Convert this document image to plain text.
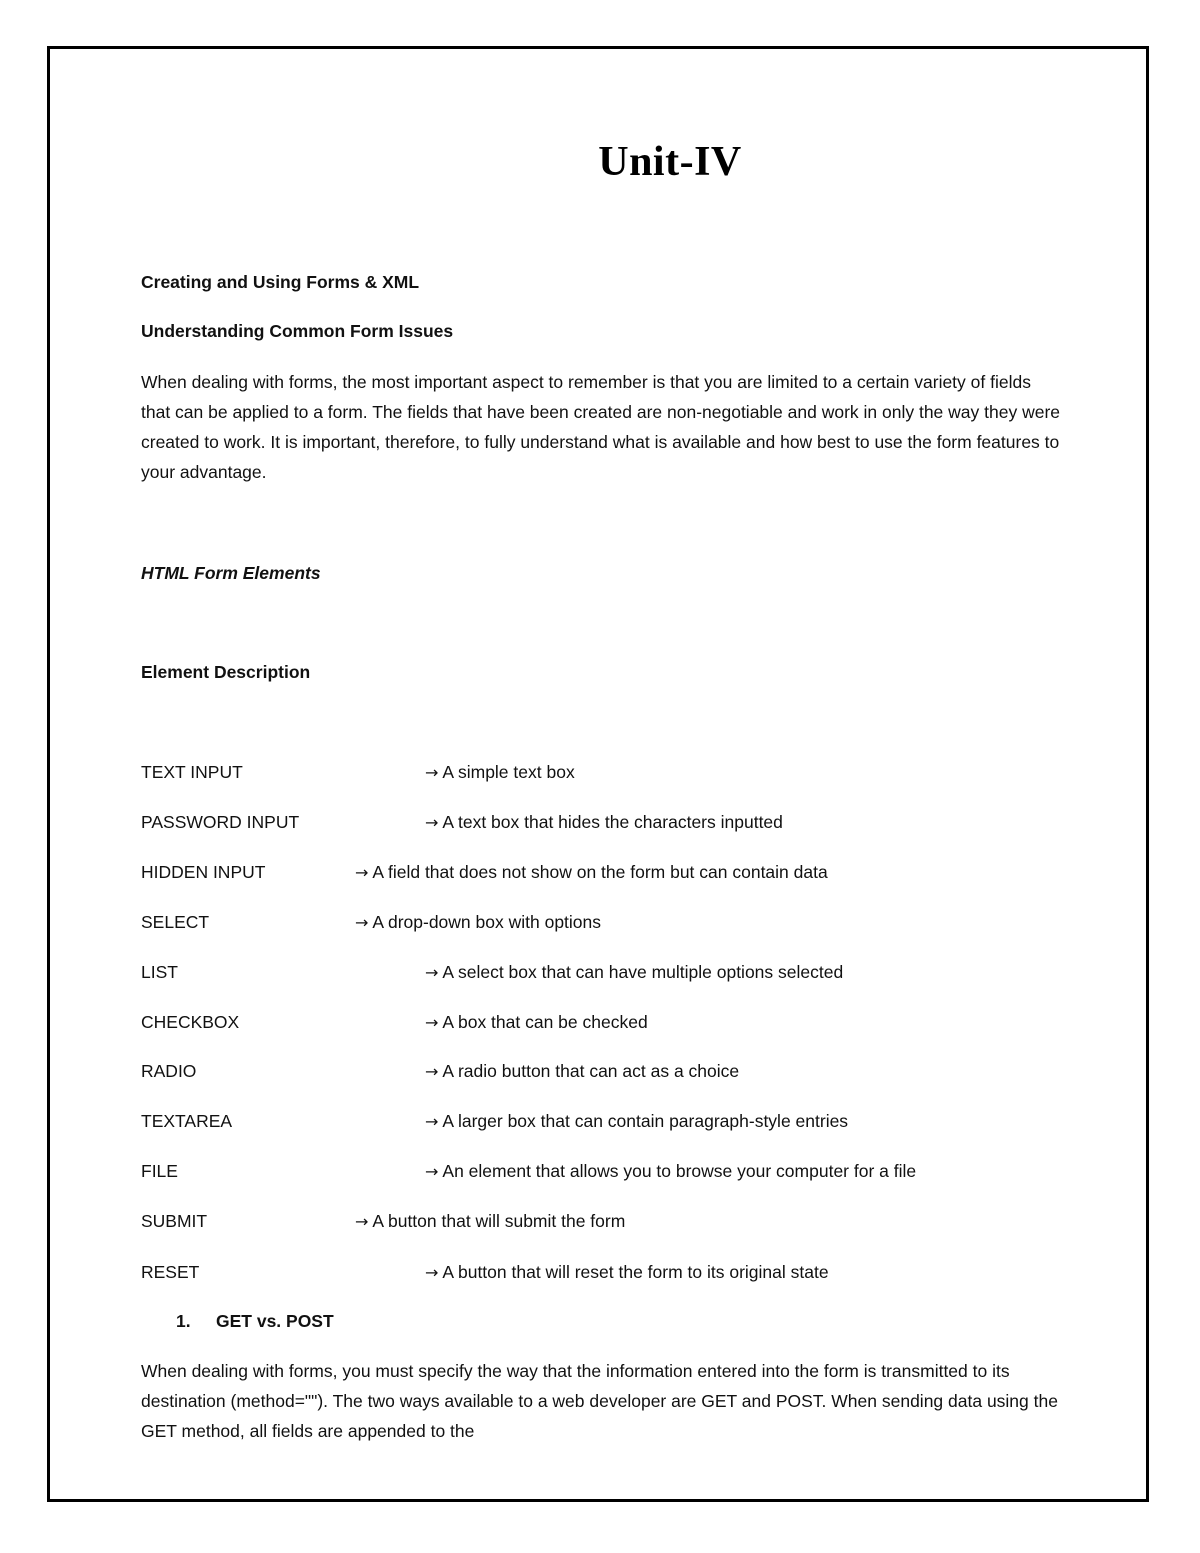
Unit-IV
Creating and Using Forms & XML
Understanding Common Form Issues
When dealing with forms, the most important aspect to remember is that you are limited to a certain variety of fields that can be applied to a form. The fields that have been created are non-negotiable and work in only the way they were created to work. It is important, therefore, to fully understand what is available and how best to use the form features to your advantage.
HTML Form Elements
Element Description
TEXT INPUT	→ A simple text box
PASSWORD INPUT	→ A text box that hides the characters inputted
HIDDEN INPUT	→ A field that does not show on the form but can contain data
SELECT	→ A drop-down box with options
LIST	→ A select box that can have multiple options selected
CHECKBOX	→ A box that can be checked
RADIO	→ A radio button that can act as a choice
TEXTAREA	→ A larger box that can contain paragraph-style entries
FILE	→ An element that allows you to browse your computer for a file
SUBMIT	→ A button that will submit the form
RESET	→ A button that will reset the form to its original state
1. GET vs. POST
When dealing with forms, you must specify the way that the information entered into the form is transmitted to its destination (method=""). The two ways available to a web developer are GET and POST. When sending data using the GET method, all fields are appended to the
